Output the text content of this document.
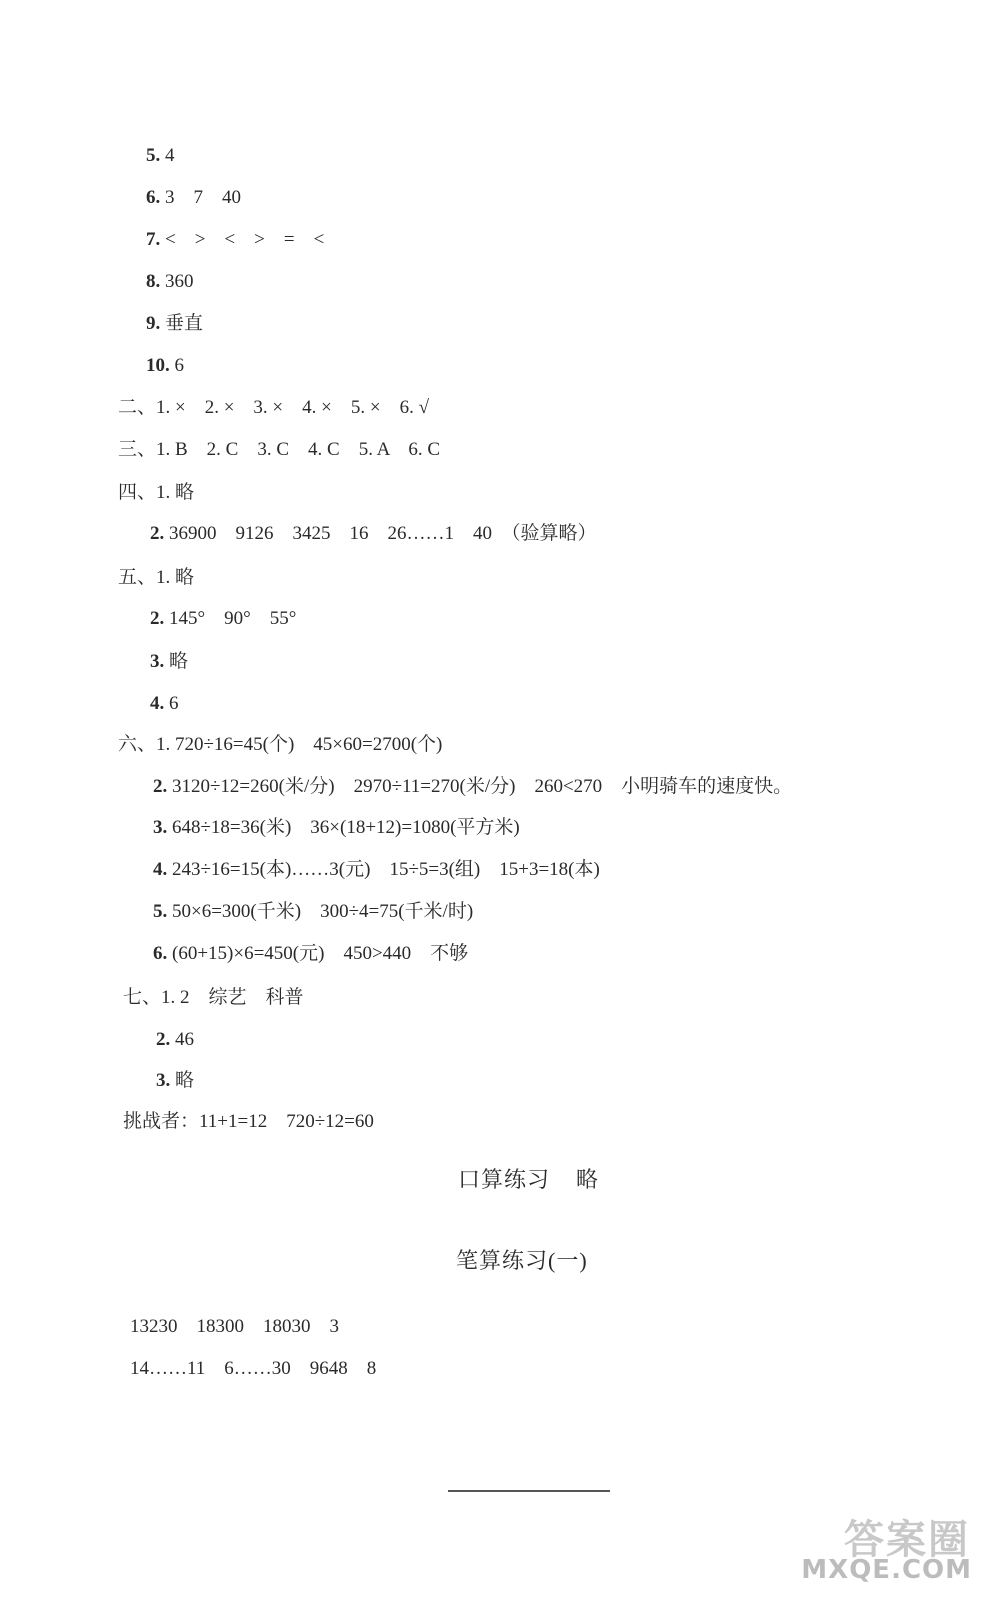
5. 4
6. 3    7    40
7. <    >    <    >    =    <
8. 360
9. 垂直
10. 6
二、1. ×    2. ×    3. ×    4. ×    5. ×    6. √
三、1. B    2. C    3. C    4. C    5. A    6. C
四、1. 略
2. 36900    9126    3425    16    26……1    40  （验算略）
五、1. 略
2. 145°    90°    55°
3. 略
4. 6
六、1. 720÷16=45(个)    45×60=2700(个)
2. 3120÷12=260(米/分)    2970÷11=270(米/分)    260<270    小明骑车的速度快。
3. 648÷18=36(米)    36×(18+12)=1080(平方米)
4. 243÷16=15(本)……3(元)    15÷5=3(组)    15+3=18(本)
5. 50×6=300(千米)    300÷4=75(千米/时)
6. (60+15)×6=450(元)    450>440    不够
七、1. 2    综艺    科普
2. 46
3. 略
挑战者：11+1=12    720÷12=60
口算练习    略
笔算练习(一)
13230    18300    18030    3
14……11    6……30    9648    8
答案圈
MXQE.COM
